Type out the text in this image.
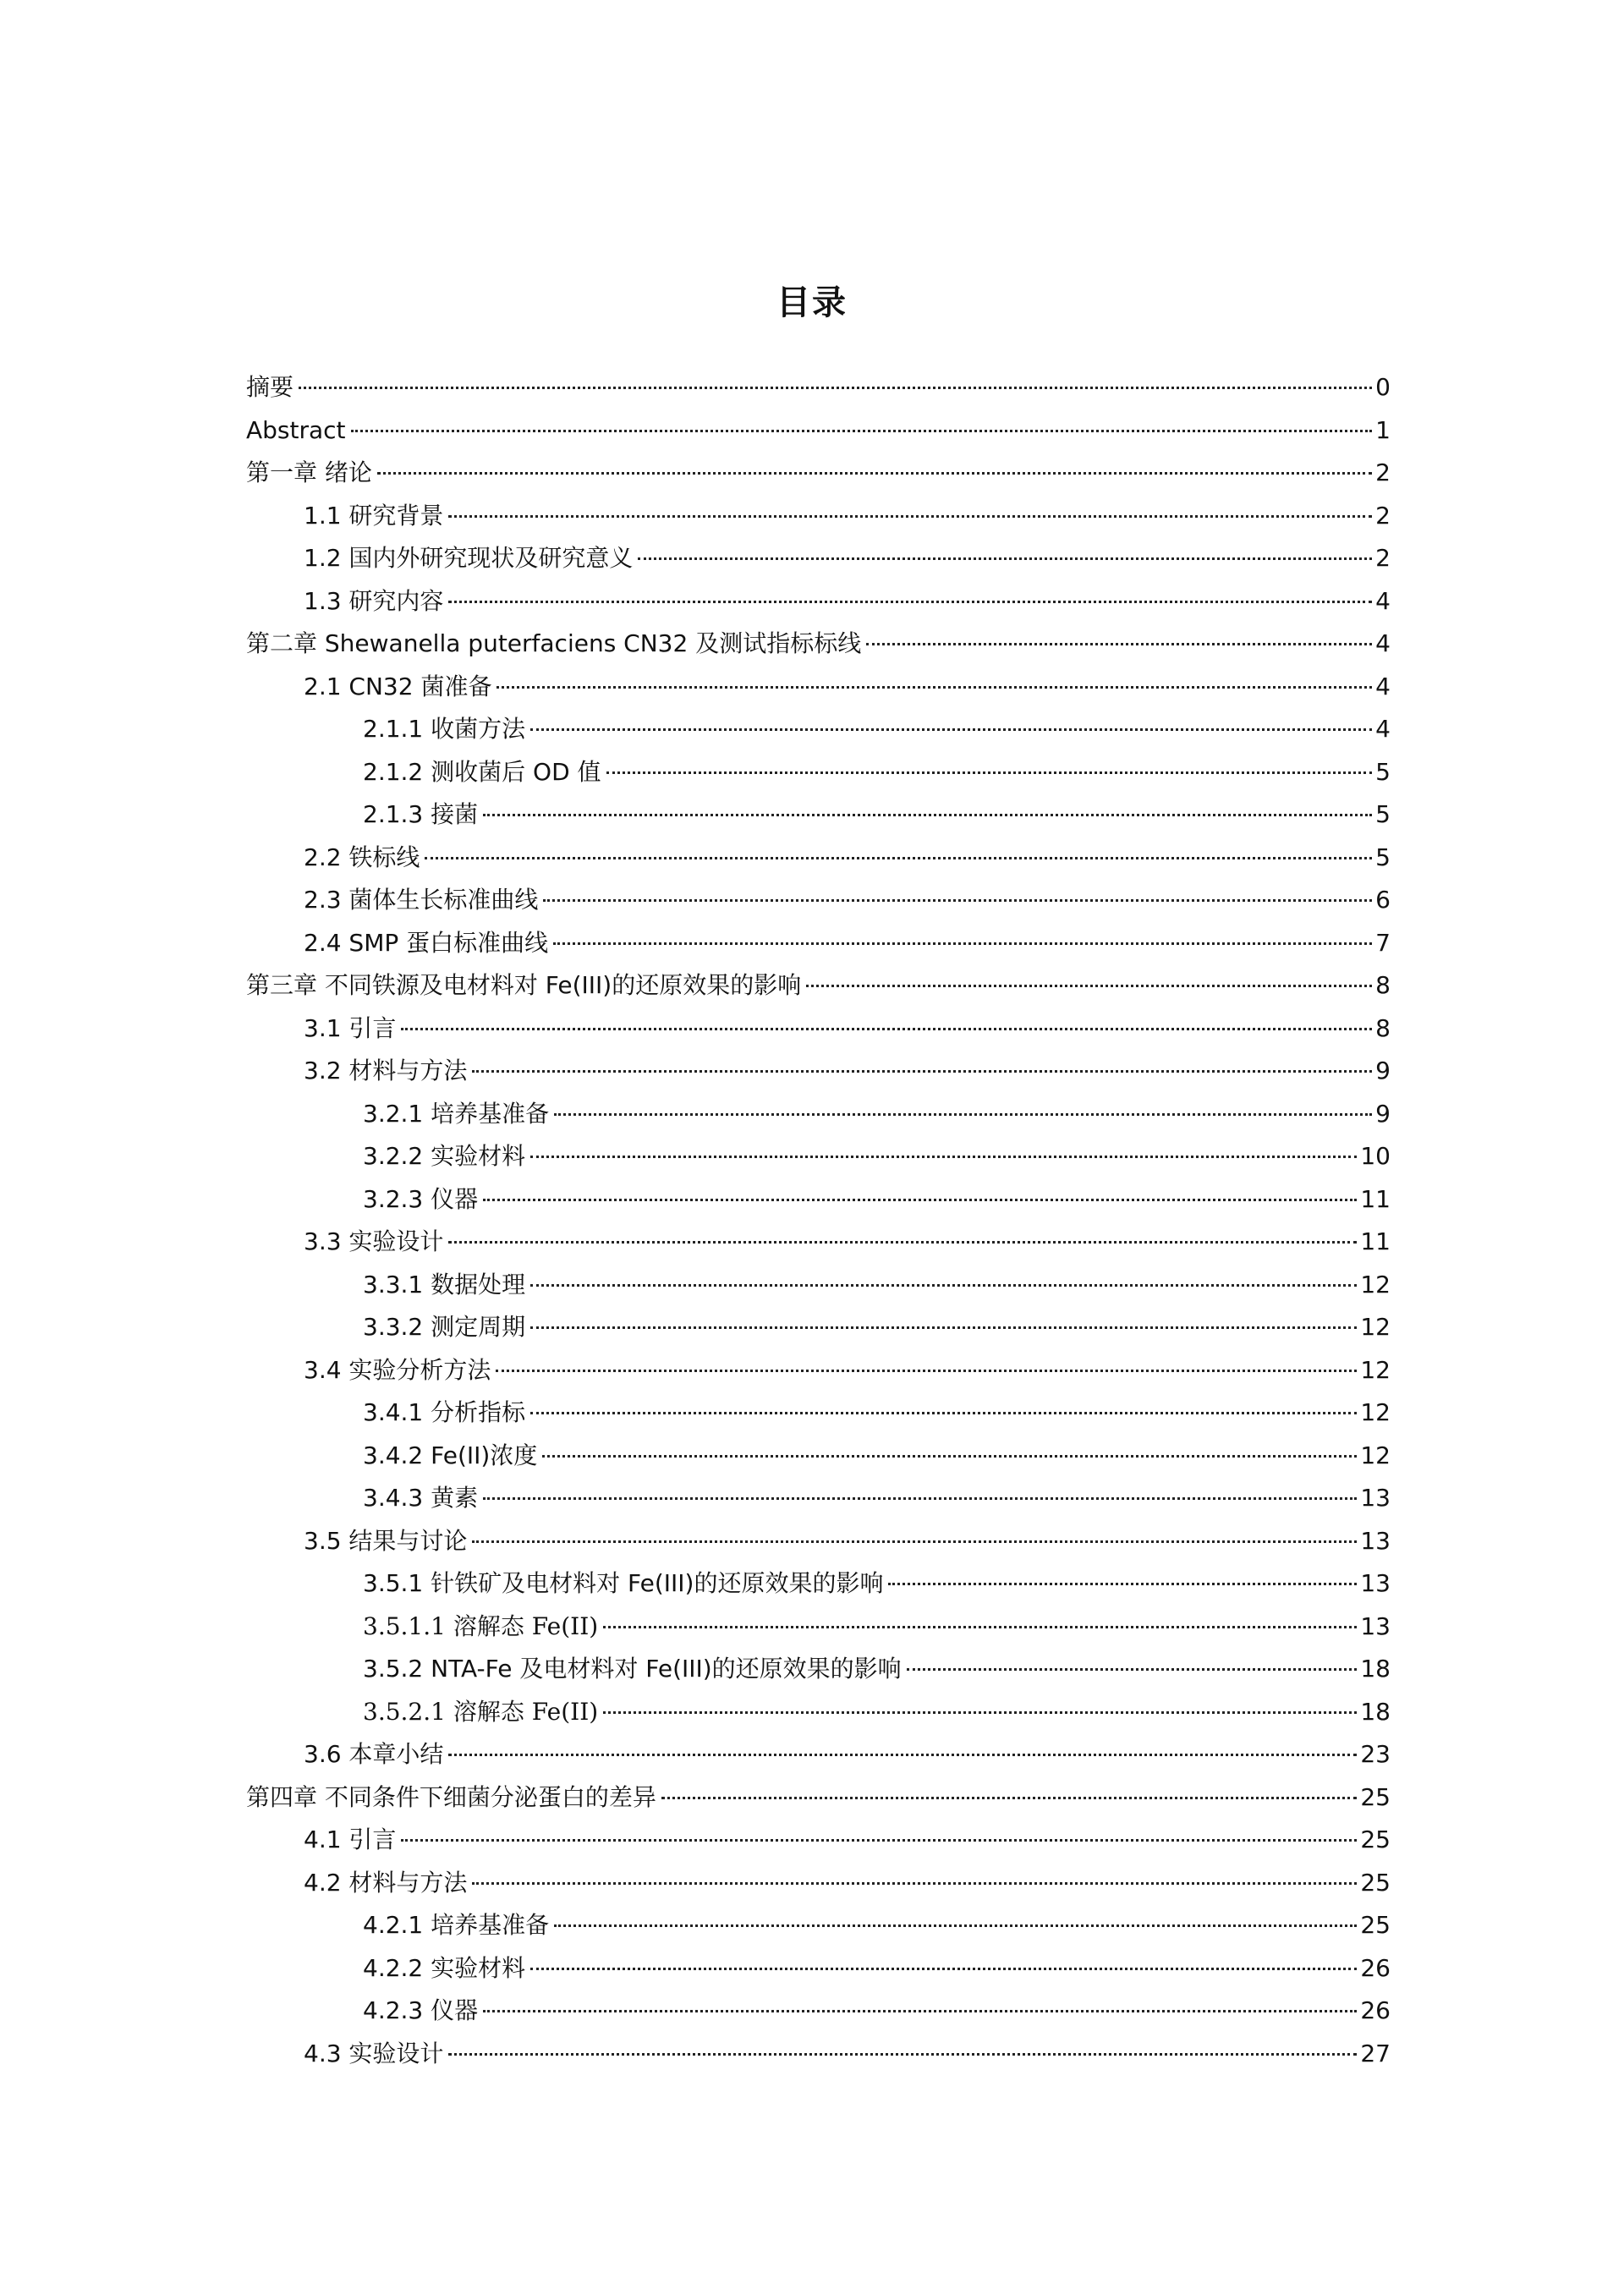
目录
摘要	0
Abstract	1
第一章 绪论	2
1.1 研究背景	2
1.2 国内外研究现状及研究意义	2
1.3 研究内容	4
第二章 Shewanella puterfaciens CN32 及测试指标标线	4
2.1 CN32 菌准备	4
2.1.1 收菌方法	4
2.1.2 测收菌后 OD 值	5
2.1.3 接菌	5
2.2 铁标线	5
2.3 菌体生长标准曲线	6
2.4 SMP 蛋白标准曲线	7
第三章 不同铁源及电材料对 Fe(III)的还原效果的影响	8
3.1 引言	8
3.2 材料与方法	9
3.2.1 培养基准备	9
3.2.2 实验材料	10
3.2.3 仪器	11
3.3 实验设计	11
3.3.1 数据处理	12
3.3.2 测定周期	12
3.4 实验分析方法	12
3.4.1 分析指标	12
3.4.2 Fe(II)浓度	12
3.4.3 黄素	13
3.5 结果与讨论	13
3.5.1 针铁矿及电材料对 Fe(III)的还原效果的影响	13
3.5.1.1 溶解态 Fe(II)	13
3.5.2 NTA-Fe 及电材料对 Fe(III)的还原效果的影响	18
3.5.2.1 溶解态 Fe(II)	18
3.6 本章小结	23
第四章 不同条件下细菌分泌蛋白的差异	25
4.1 引言	25
4.2 材料与方法	25
4.2.1 培养基准备	25
4.2.2 实验材料	26
4.2.3 仪器	26
4.3 实验设计	27
